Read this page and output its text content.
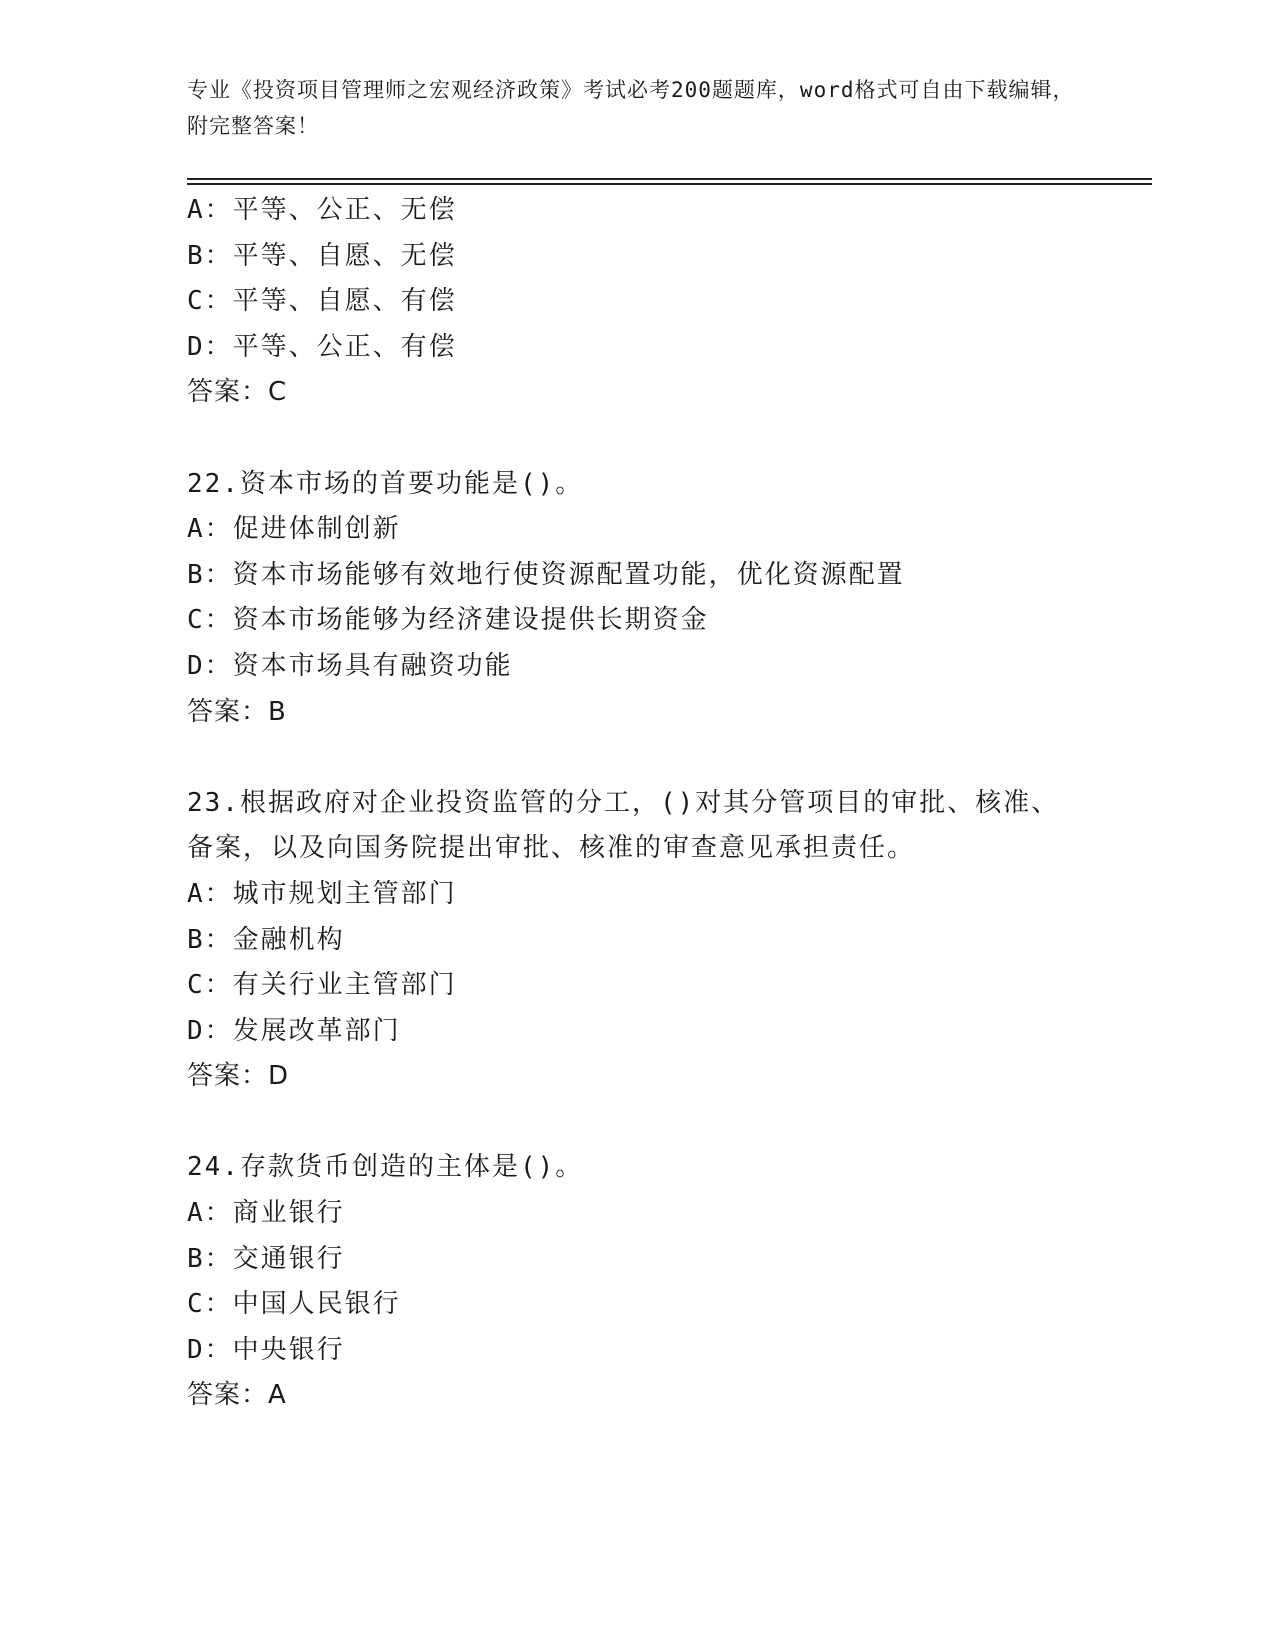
专业《投资项目管理师之宏观经济政策》考试必考200题题库，word格式可自由下载编辑，附完整答案！
A：平等、公正、无偿
B：平等、自愿、无偿
C：平等、自愿、有偿
D：平等、公正、有偿
答案：C
22.资本市场的首要功能是()。
A：促进体制创新
B：资本市场能够有效地行使资源配置功能，优化资源配置
C：资本市场能够为经济建设提供长期资金
D：资本市场具有融资功能
答案：B
23.根据政府对企业投资监管的分工，()对其分管项目的审批、核准、备案，以及向国务院提出审批、核准的审查意见承担责任。
A：城市规划主管部门
B：金融机构
C：有关行业主管部门
D：发展改革部门
答案：D
24.存款货币创造的主体是()。
A：商业银行
B：交通银行
C：中国人民银行
D：中央银行
答案：A
